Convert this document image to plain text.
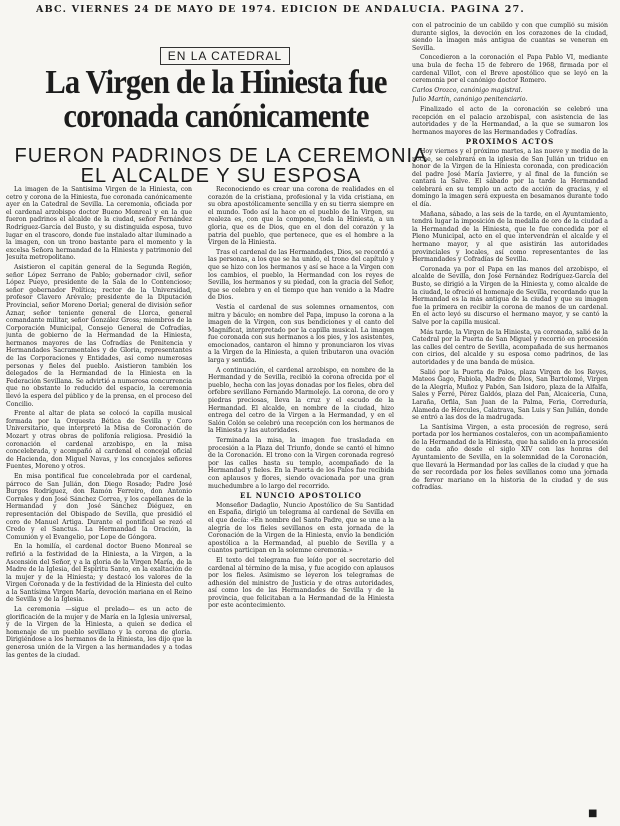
ABC. VIERNES 24 DE MAYO DE 1974. EDICION DE ANDALUCIA. PAGINA 27.
EN LA CATEDRAL
La Virgen de la Hiniesta fue coronada canónicamente
FUERON PADRINOS DE LA CEREMONIA EL ALCALDE Y SU ESPOSA

La imagen de la Santísima Virgen de la Hiniesta, con cetro y corona de la Hiniesta, fue coronada canónicamente ayer en la Catedral de Sevilla. La ceremonia, oficiada por el cardenal arzobispo doctor Bueno Monreal y en la que fueron padrinos el alcalde de la ciudad, señor Fernández Rodríguez-García del Busto, y su distinguida esposa, tuvo lugar en el trascoro, donde fue instalado altar iluminado a la imagen, con un trono bastante para el momento y la excelsa Señora hermandad de la Hiniesta y patrimonio del Jesuíta metropolitano.

Asistieron el capitán general de la Segunda Región, señor López Serrano de Pablo; gobernador civil, señor López Pueyo, presidente de la Sala de lo Contencioso; señor gobernador Política; rector de la Universidad, profesor Clavero Arévalo; presidente de la Diputación Provincial, señor Moreno Dorial; general de división señor Aznar, señor teniente general de Llorca, general comandante militar, señor González Gross; miembros de la Corporación Municipal, Consejo General de Cofradías, junta de gobierno de la Hermandad de la Hiniesta, hermanos mayores de las Cofradías de Penitencia y Hermandades Sacramentales y de Gloria, representantes de las Corporaciones y Entidades, así como numerosas personas y fieles del pueblo. Asistieron también los delegados de la Hermandad de la Hiniesta en la Federación Sevillana. Se advirtió a numerosa concurrencia que no obstante lo reducido del espacio, la ceremonia llevó la espera del público y de la prensa, en el proceso del Concilio.

Frente al altar de plata se colocó la capilla musical formada por la Orquesta Bética de Sevilla y Coro Universitario, que interpretó la Misa de Coronación de Mozart y otras obras de polifonía religiosa. Presidió la coronación el cardenal arzobispo, en la misa concelebrada, y acompañó al cardenal el concejal oficial de Hacienda, don Miguel Navas, y los concejales señores Fuentes, Moreno y otros.

En misa pontifical fue concelebrada por el cardenal, párroco de San Julián, don Diego Rosado; Padre José Burgos Rodríguez, don Ramón Ferreiro, don Antonio Corrales y don José Sánchez Correa, y los capellanes de la Hermandad y don José Sánchez Diéguez, en representación del Obispado de Sevilla, que presidió el coro de Manuel Artiga. Durante el pontifical se rezó el Credo y el Sanctus. La Hermandad la Oración, la Comunión y el Evangelio, por Lope de Góngora.

En la homilía, el cardenal doctor Bueno Monreal se refirió a la festividad de la Hiniesta, a la Virgen, a la Ascensión del Señor, y a la gloria de la Virgen María, de la Madre de la Iglesia, del Espíritu Santo, en la exaltación de la mujer y de la Hiniesta; y destacó los valores de la Virgen Coronada y de la festividad de la Hiniesta del culto a la Santísima Virgen María, devoción mariana en el Reino de Sevilla y de la Iglesia.

La ceremonia —sigue el prelado— es un acto de glorificación de la mujer y de María en la Iglesia universal, y de la Virgen de la Hiniesta, a quien se dedica el homenaje de un pueblo sevillano y la corona de gloria. Dirigiéndose a los hermanos de la Hiniesta, les dijo que la generosa unión de la Virgen a las hermandades y a todas las gentes de la ciudad.

Reconociendo es crear una corona de realidades en el corazón de la cristiana, profesional y la vida cristiana, en su obra apostólicamente sencilla y en su tierra siempre en el mundo. Todo así la hace en el pueblo de la Virgen, su realeza es, con que la compone, toda la Hiniesta, a un gloria, que es de Dios, que en el don del corazón y la patria del pueblo, que pertenece, que es el hombre a la Virgen de la Hiniesta.

Tras el cardenal de las Hermandades, Dios, se recordó a las personas, a los que se ha unido, el trono del capítulo y que se hizo con los hermanos y así se hace a la Virgen con los cambios, el pueblo, la Hermandad con los reyes de Sevilla, los hermanos y su piedad, con la gracia del Señor, que se celebra y en el tiempo que han venido a la Madre de Dios.

Vestía el cardenal de sus solemnes ornamentos, con mitra y báculo; en nombre del Papa, impuso la corona a la imagen de la Virgen, con sus bendiciones y el canto del Magníficat, interpretado por la capilla musical. La imagen fue coronada con sus hermanos a los pies, y los asistentes, emocionados, cantaron el himno y pronunciaron los vivas a la Virgen de la Hiniesta, a quien tributaron una ovación larga y sentida.

A continuación, el cardenal arzobispo, en nombre de la Hermandad y de Sevilla, recibió la corona ofrecida por el pueblo, hecha con las joyas donadas por los fieles, obra del orfebre sevillano Fernando Marmolejo. La corona, de oro y piedras preciosas, lleva la cruz y el escudo de la Hermandad. El alcalde, en nombre de la ciudad, hizo entrega del cetro de la Virgen a la Hermandad, y en el Salón Colón se celebró una recepción con los hermanos de la Hiniesta y las autoridades.

Terminada la misa, la imagen fue trasladada en procesión a la Plaza del Triunfo, donde se cantó el himno de la Coronación. El trono con la Virgen coronada regresó por las calles hasta su templo, acompañado de la Hermandad y fieles. En la Puerta de los Palos fue recibida con aplausos y flores, siendo ovacionada por una gran muchedumbre a lo largo del recorrido.

EL NUNCIO APOSTOLICO

Monseñor Dadaglio, Nuncio Apostólico de Su Santidad en España, dirigió un telegrama al cardenal de Sevilla en el que decía: «En nombre del Santo Padre, que se une a la alegría de los fieles sevillanos en esta jornada de la Coronación de la Virgen de la Hiniesta, envío la bendición apostólica a la Hermandad, al pueblo de Sevilla y a cuantos participan en la solemne ceremonia.»

El texto del telegrama fue leído por el secretario del cardenal al término de la misa, y fue acogido con aplausos por los fieles. Asimismo se leyeron los telegramas de adhesión del ministro de Justicia y de otras autoridades, así como los de las Hermandades de Sevilla y de la provincia, que felicitaban a la Hermandad de la Hiniesta por este acontecimiento.

con el patrocinio de un cabildo y con que cumplió su misión durante siglos, la devoción en los corazones de la ciudad, siendo la imagen más antigua de cuantas se veneran en Sevilla.

Concedieron a la coronación el Papa Pablo VI, mediante una bula de fecha 15 de febrero de 1968, firmada por el cardenal Villot, con el Breve apostólico que se leyó en la ceremonia por el canónigo doctor Romero.

Carlos Orozco, canónigo magistral.

Julio Martín, canónigo penitenciario.

Finalizado el acto de la coronación se celebró una recepción en el palacio arzobispal, con asistencia de las autoridades y de la Hermandad, a la que se sumaron los hermanos mayores de las Hermandades y Cofradías.

PROXIMOS ACTOS

Hoy viernes y el próximo martes, a las nueve y media de la noche, se celebrará en la iglesia de San Julián un triduo en honor de la Virgen de la Hiniesta coronada, con predicación del padre José María Javierre, y al final de la función se cantará la Salve. El sábado por la tarde la Hermandad celebrará en su templo un acto de acción de gracias, y el domingo la imagen será expuesta en besamanos durante todo el día.

Mañana, sábado, a las seis de la tarde, en el Ayuntamiento, tendrá lugar la imposición de la medalla de oro de la ciudad a la Hermandad de la Hiniesta, que le fue concedida por el Pleno Municipal, acto en el que intervendrán el alcalde y el hermano mayor, y al que asistirán las autoridades provinciales y locales, así como representantes de las Hermandades y Cofradías de Sevilla.

Coronada ya por el Papa en las manos del arzobispo, el alcalde de Sevilla, don José Fernández Rodríguez-García del Busto, se dirigió a la Virgen de la Hiniesta y, como alcalde de la ciudad, le ofreció el homenaje de Sevilla, recordando que la Hermandad es la más antigua de la ciudad y que su imagen fue la primera en recibir la corona de manos de un cardenal. En el acto leyó su discurso el hermano mayor, y se cantó la Salve por la capilla musical.

Más tarde, la Virgen de la Hiniesta, ya coronada, salió de la Catedral por la Puerta de San Miguel y recorrió en procesión las calles del centro de Sevilla, acompañada de sus hermanos con cirios, del alcalde y su esposa como padrinos, de las autoridades y de una banda de música.

Salió por la Puerta de Palos, plaza Virgen de los Reyes, Mateos Gago, Fabiola, Madre de Dios, San Bartolomé, Virgen de la Alegría, Muñoz y Pabón, San Isidoro, plaza de la Alfalfa, Sales y Ferré, Pérez Galdós, plaza del Pan, Alcaicería, Cuna, Laraña, Orfila, San Juan de la Palma, Feria, Correduría, Alameda de Hércules, Calatrava, San Luis y San Julián, donde se entró a las dos de la madrugada.

La Santísima Virgen, a esta procesión de regreso, será portada por los hermanos costaleros, con un acompañamiento de la Hermandad de la Hiniesta, que ha salido en la procesión de cada año desde el siglo XIV con las honras del Ayuntamiento de Sevilla, en la solemnidad de la Coronación, que llevará la Hermandad por las calles de la ciudad y que ha de ser recordada por los fieles sevillanos como una jornada de fervor mariano en la historia de la ciudad y de sus cofradías.

■
